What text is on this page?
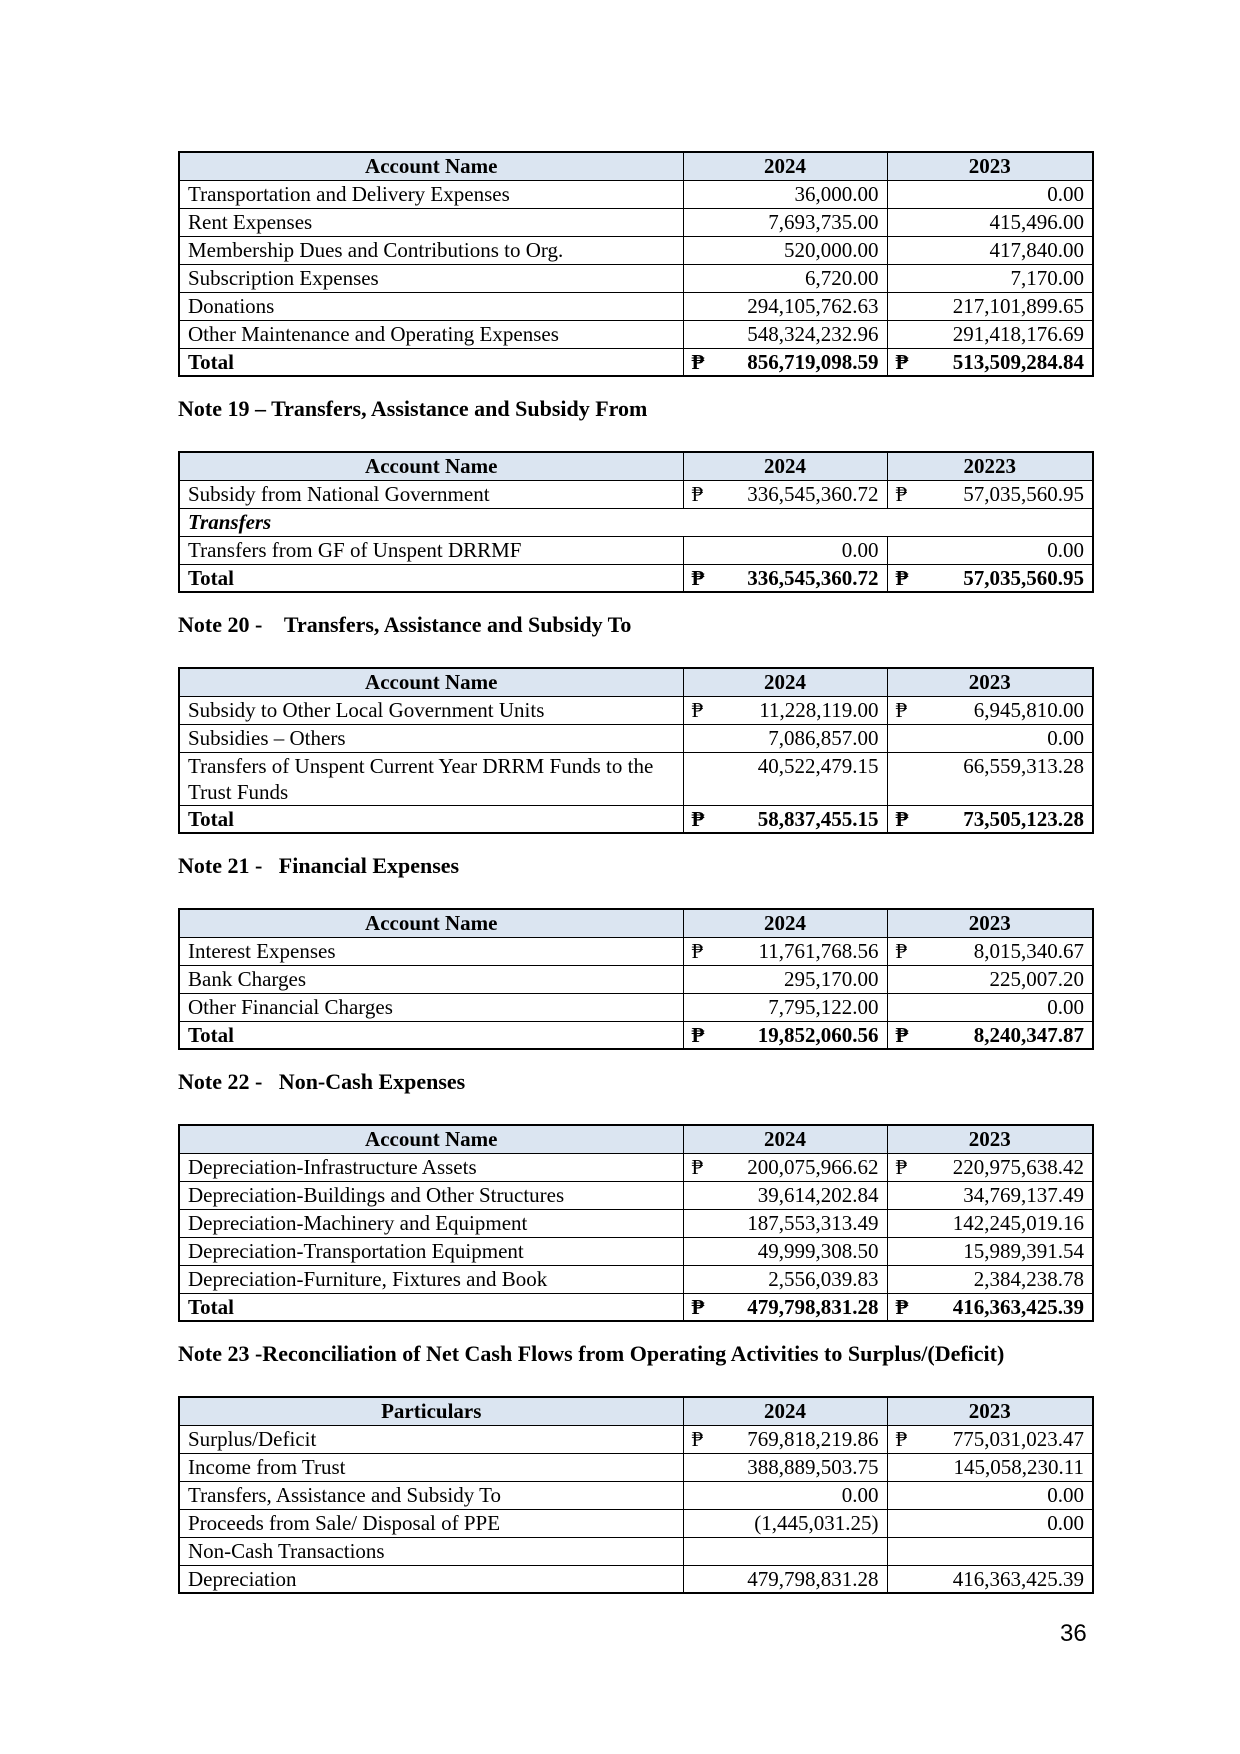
Account Name	2024	2023
Transportation and Delivery Expenses	36,000.00	0.00

Rent Expenses	7,693,735.00	415,496.00

Membership Dues and Contributions to Org.	520,000.00	417,840.00

Subscription Expenses	6,720.00	7,170.00

Donations	294,105,762.63	217,101,899.65

Other Maintenance and Operating Expenses	548,324,232.96	291,418,176.69

Total	₱ 856,719,098.59	₱ 513,509,284.84
Note 19 – Transfers, Assistance and Subsidy From
Account Name	2024	20223
Subsidy from National Government	₱ 336,545,360.72	₱ 57,035,560.95

Transfers		
Transfers from GF of Unspent DRRMF	0.00	0.00

Total	₱ 336,545,360.72	₱ 57,035,560.95
Note 20 -    Transfers, Assistance and Subsidy To
Account Name	2024	2023
Subsidy to Other Local Government Units	₱ 11,228,119.00	₱ 6,945,810.00

Subsidies – Others	7,086,857.00	0.00

Transfers of Unspent Current Year DRRM Funds to the Trust Funds	40,522,479.15	66,559,313.28

Total	₱ 58,837,455.15	₱ 73,505,123.28
Note 21 -   Financial Expenses
Account Name	2024	2023
Interest Expenses	₱ 11,761,768.56	₱ 8,015,340.67

Bank Charges	295,170.00	225,007.20

Other Financial Charges	7,795,122.00	0.00

Total	₱ 19,852,060.56	₱ 8,240,347.87
Note 22 -   Non-Cash Expenses
Account Name	2024	2023
Depreciation-Infrastructure Assets	₱ 200,075,966.62	₱ 220,975,638.42

Depreciation-Buildings and Other Structures	39,614,202.84	34,769,137.49

Depreciation-Machinery and Equipment	187,553,313.49	142,245,019.16

Depreciation-Transportation Equipment	49,999,308.50	15,989,391.54

Depreciation-Furniture, Fixtures and Book	2,556,039.83	2,384,238.78

Total	₱ 479,798,831.28	₱ 416,363,425.39
Note 23 -Reconciliation of Net Cash Flows from Operating Activities to Surplus/(Deficit)
Particulars	2024	2023
Surplus/Deficit	₱ 769,818,219.86	₱ 775,031,023.47

Income from Trust	388,889,503.75	145,058,230.11

Transfers, Assistance and Subsidy To	0.00	0.00

Proceeds from Sale/ Disposal of PPE	(1,445,031.25)	0.00

Non-Cash Transactions	

Depreciation	479,798,831.28	416,363,425.39
36
